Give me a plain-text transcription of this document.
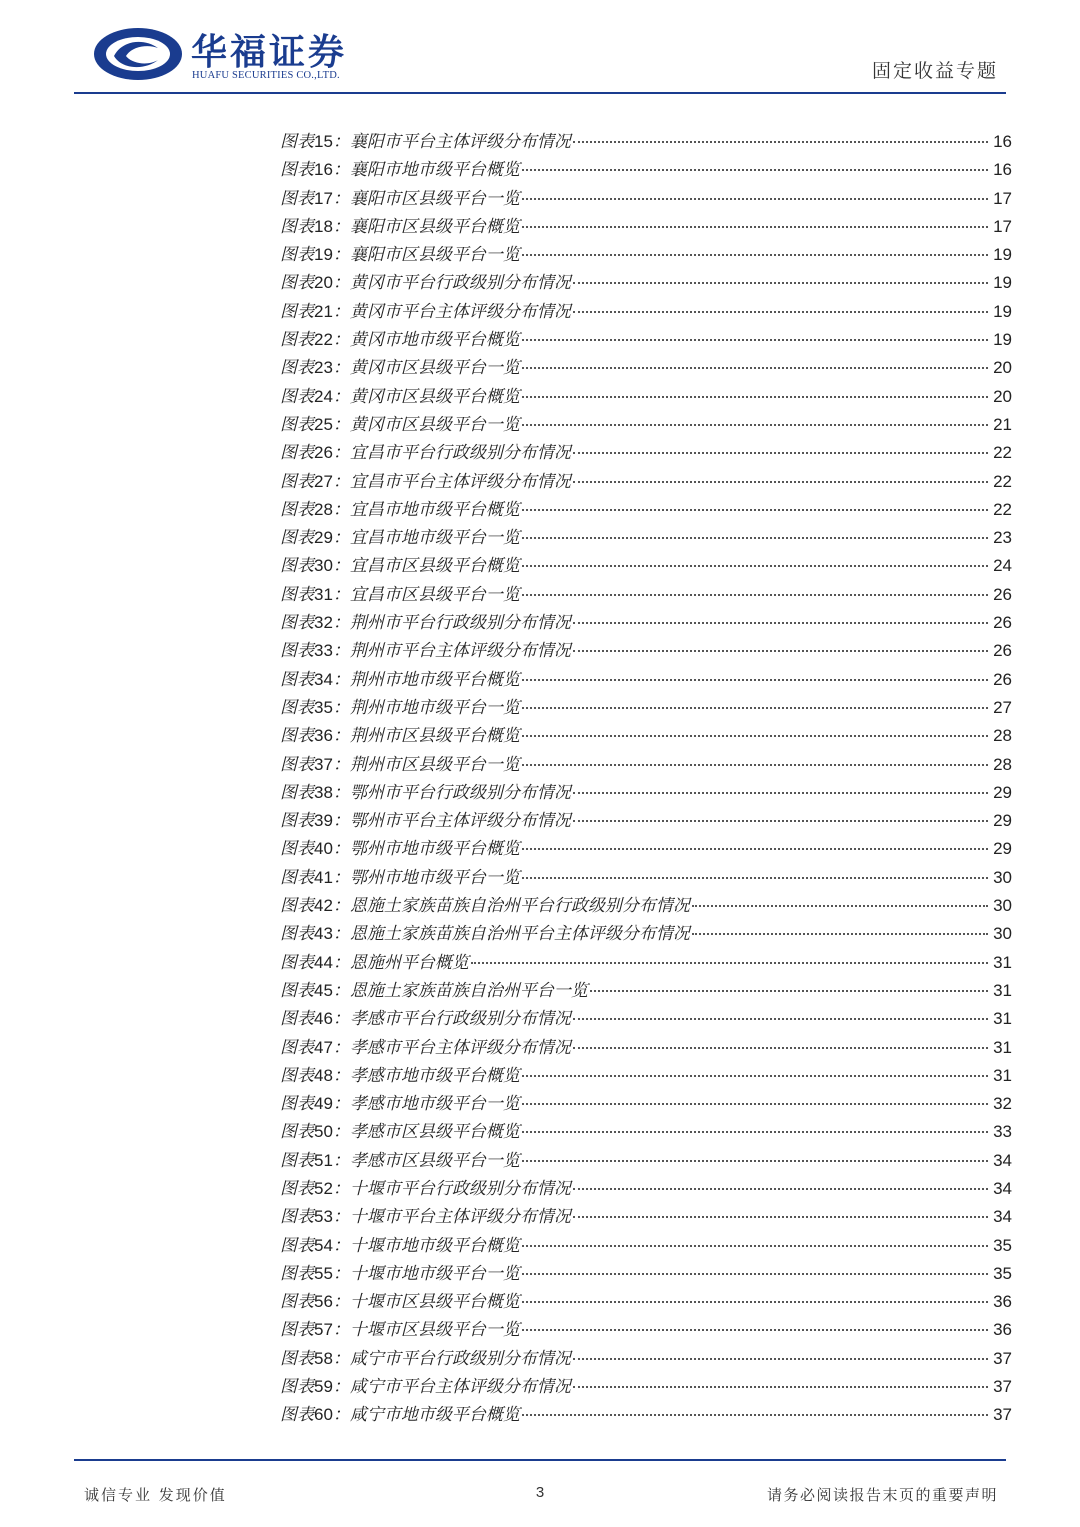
华福证券
HUAFU SECURITIES CO.,LTD.	固定收益专题
图表 15 ： 襄阳市平台主体评级分布情况	16
图表 16 ： 襄阳市地市级平台概览	16
图表 17 ： 襄阳市区县级平台一览	17
图表 18 ： 襄阳市区县级平台概览	17
图表 19 ： 襄阳市区县级平台一览	19
图表 20 ： 黄冈市平台行政级别分布情况	19
图表 21 ： 黄冈市平台主体评级分布情况	19
图表 22 ： 黄冈市地市级平台概览	19
图表 23 ： 黄冈市区县级平台一览	20
图表 24 ： 黄冈市区县级平台概览	20
图表 25 ： 黄冈市区县级平台一览	21
图表 26 ： 宜昌市平台行政级别分布情况	22
图表 27 ： 宜昌市平台主体评级分布情况	22
图表 28 ： 宜昌市地市级平台概览	22
图表 29 ： 宜昌市地市级平台一览	23
图表 30 ： 宜昌市区县级平台概览	24
图表 31 ： 宜昌市区县级平台一览	26
图表 32 ： 荆州市平台行政级别分布情况	26
图表 33 ： 荆州市平台主体评级分布情况	26
图表 34 ： 荆州市地市级平台概览	26
图表 35 ： 荆州市地市级平台一览	27
图表 36 ： 荆州市区县级平台概览	28
图表 37 ： 荆州市区县级平台一览	28
图表 38 ： 鄂州市平台行政级别分布情况	29
图表 39 ： 鄂州市平台主体评级分布情况	29
图表 40 ： 鄂州市地市级平台概览	29
图表 41 ： 鄂州市地市级平台一览	30
图表 42 ： 恩施土家族苗族自治州平台行政级别分布情况	30
图表 43 ： 恩施土家族苗族自治州平台主体评级分布情况	30
图表 44 ： 恩施州平台概览	31
图表 45 ： 恩施土家族苗族自治州平台一览	31
图表 46 ： 孝感市平台行政级别分布情况	31
图表 47 ： 孝感市平台主体评级分布情况	31
图表 48 ： 孝感市地市级平台概览	31
图表 49 ： 孝感市地市级平台一览	32
图表 50 ： 孝感市区县级平台概览	33
图表 51 ： 孝感市区县级平台一览	34
图表 52 ： 十堰市平台行政级别分布情况	34
图表 53 ： 十堰市平台主体评级分布情况	34
图表 54 ： 十堰市地市级平台概览	35
图表 55 ： 十堰市地市级平台一览	35
图表 56 ： 十堰市区县级平台概览	36
图表 57 ： 十堰市区县级平台一览	36
图表 58 ： 咸宁市平台行政级别分布情况	37
图表 59 ： 咸宁市平台主体评级分布情况	37
图表 60 ： 咸宁市地市级平台概览	37
诚信专业 发现价值	3	请务必阅读报告末页的重要声明
